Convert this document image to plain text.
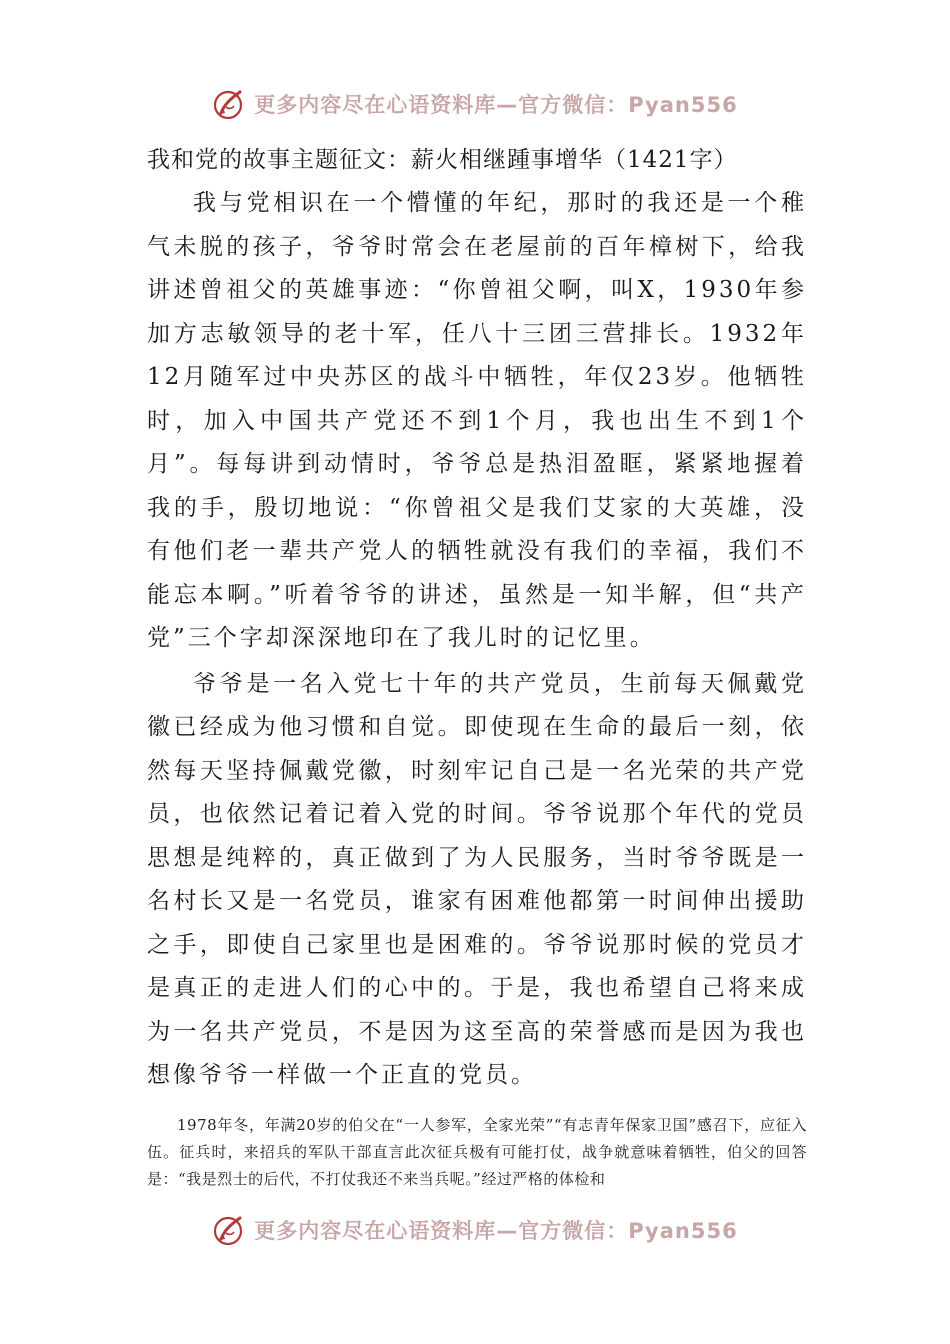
更多内容尽在心语资料库—官方微信：Pyan556
我和党的故事主题征文：薪火相继踵事增华（1421字）

我与党相识在一个懵懂的年纪，那时的我还是一个稚气未脱的孩子，爷爷时常会在老屋前的百年樟树下，给我讲述曾祖父的英雄事迹：“你曾祖父啊，叫X，1930年参加方志敏领导的老十军，任八十三团三营排长。1932年12月随军过中央苏区的战斗中牺牲，年仅23岁。他牺牲时，加入中国共产党还不到1个月，我也出生不到1个月”。每每讲到动情时，爷爷总是热泪盈眶，紧紧地握着我的手，殷切地说：“你曾祖父是我们艾家的大英雄，没有他们老一辈共产党人的牺牲就没有我们的幸福，我们不能忘本啊。”听着爷爷的讲述，虽然是一知半解，但“共产党”三个字却深深地印在了我儿时的记忆里。

爷爷是一名入党七十年的共产党员，生前每天佩戴党徽已经成为他习惯和自觉。即使现在生命的最后一刻，依然每天坚持佩戴党徽，时刻牢记自己是一名光荣的共产党员，也依然记着记着入党的时间。爷爷说那个年代的党员思想是纯粹的，真正做到了为人民服务，当时爷爷既是一名村长又是一名党员，谁家有困难他都第一时间伸出援助之手，即使自己家里也是困难的。爷爷说那时候的党员才是真正的走进人们的心中的。于是，我也希望自己将来成为一名共产党员，不是因为这至高的荣誉感而是因为我也想像爷爷一样做一个正直的党员。

1978年冬，年满20岁的伯父在“一人参军，全家光荣”“有志青年保家卫国”感召下，应征入伍。征兵时，来招兵的军队干部直言此次征兵极有可能打仗，战争就意味着牺牲，伯父的回答是：“我是烈士的后代，不打仗我还不来当兵呢。”经过严格的体检和

更多内容尽在心语资料库—官方微信：Pyan556
